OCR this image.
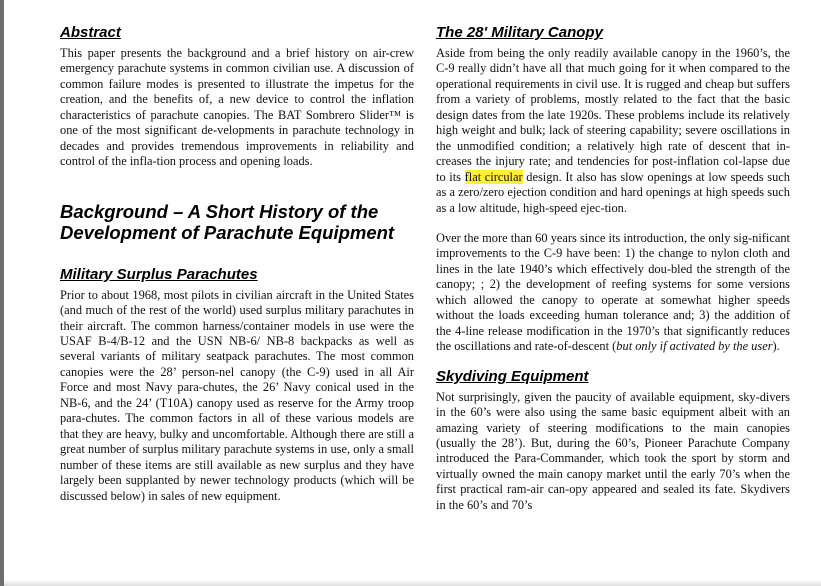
Abstract

This paper presents the background and a brief history on air-crew emergency parachute systems in common civilian use. A discussion of common failure modes is presented to illustrate the impetus for the creation, and the benefits of, a new device to control the inflation characteristics of parachute canopies. The BAT Sombrero Slider™ is one of the most significant de-velopments in parachute technology in decades and provides tremendous improvements in reliability and control of the infla-tion process and opening loads.

Background – A Short History of the
Development of Parachute Equipment
Military Surplus Parachutes

Prior to about 1968, most pilots in civilian aircraft in the United States (and much of the rest of the world) used surplus military parachutes in their aircraft. The common harness/container models in use were the USAF B-4/B-12 and the USN NB-6/ NB-8 backpacks as well as several variants of military seatpack parachutes. The most common canopies were the 28’ person-nel canopy (the C-9) used in all Air Force and most Navy para-chutes, the 26’ Navy conical used in the NB-6, and the 24’ (T10A) canopy used as reserve for the Army troop para-chutes. The common factors in all of these various models are that they are heavy, bulky and uncomfortable. Although there are still a great number of surplus military parachute systems in use, only a small number of these items are still available as new surplus and they have largely been supplanted by newer technology products (which will be discussed below) in sales of new equipment.

The 28' Military Canopy

Aside from being the only readily available canopy in the 1960’s, the C-9 really didn’t have all that much going for it when compared to the operational requirements in civil use. It is rugged and cheap but suffers from a variety of problems, mostly related to the fact that the basic design dates from the late 1920s. These problems include its relatively high weight and bulk; lack of steering capability; severe oscillations in the unmodified condition; a relatively high rate of descent that in-creases the injury rate; and tendencies for post-inflation col-lapse due to its flat circular design. It also has slow openings at low speeds such as a zero/zero ejection condition and hard openings at high speeds such as a low altitude, high-speed ejec-tion.

Over the more than 60 years since its introduction, the only sig-nificant improvements to the C-9 have been: 1) the change to nylon cloth and lines in the late 1940’s which effectively dou-bled the strength of the canopy; ; 2) the development of reefing systems for some versions which allowed the canopy to operate at somewhat higher speeds without the loads exceeding human tolerance and; 3) the addition of the 4-line release modification in the 1970’s that significantly reduces the oscillations and rate-of-descent (but only if activated by the user).

Skydiving Equipment

Not surprisingly, given the paucity of available equipment, sky-divers in the 60’s were also using the same basic equipment albeit with an amazing variety of steering modifications to the main canopies (usually the 28’). But, during the 60’s, Pioneer Parachute Company introduced the Para-Commander, which took the sport by storm and virtually owned the main canopy market until the early 70’s when the first practical ram-air can-opy appeared and sealed its fate. Skydivers in the 60’s and 70’s
